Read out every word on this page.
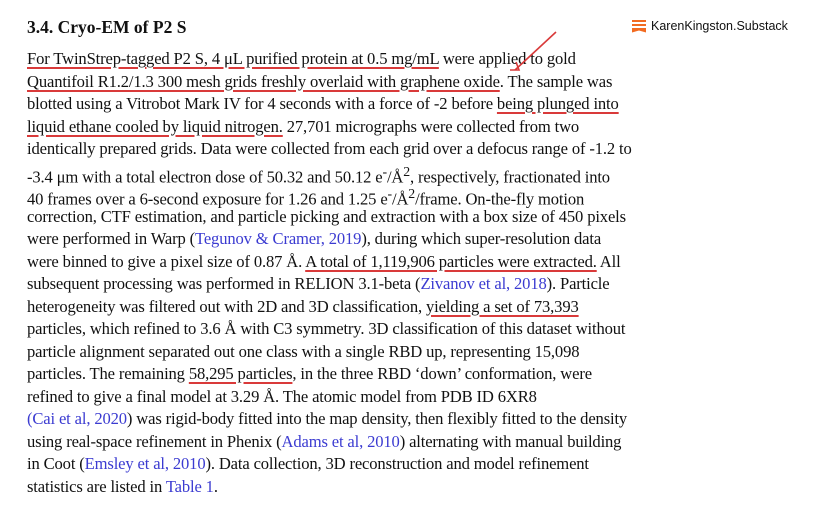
3.4. Cryo-EM of P2 S	KarenKingston.Substack
For TwinStrep-tagged P2 S, 4 μL purified protein at 0.5 mg/mL were applied to gold
Quantifoil R1.2/1.3 300 mesh grids freshly overlaid with graphene oxide. The sample was
blotted using a Vitrobot Mark IV for 4 seconds with a force of -2 before being plunged into
liquid ethane cooled by liquid nitrogen. 27,701 micrographs were collected from two
identically prepared grids. Data were collected from each grid over a defocus range of -1.2 to
-3.4 μm with a total electron dose of 50.32 and 50.12 $e^-/Å^2$, respectively, fractionated into
40 frames over a 6-second exposure for 1.26 and 1.25 $e^-/Å^2$/frame. On-the-fly motion
correction, CTF estimation, and particle picking and extraction with a box size of 450 pixels
were performed in Warp (Tegunov & Cramer, 2019), during which super-resolution data
were binned to give a pixel size of 0.87 Å. A total of 1,119,906 particles were extracted. All
subsequent processing was performed in RELION 3.1-beta (Zivanov et al, 2018). Particle
heterogeneity was filtered out with 2D and 3D classification, yielding a set of 73,393
particles, which refined to 3.6 Å with C3 symmetry. 3D classification of this dataset without
particle alignment separated out one class with a single RBD up, representing 15,098
particles. The remaining 58,295 particles, in the three RBD ‘down’ conformation, were
refined to give a final model at 3.29 Å. The atomic model from PDB ID 6XR8
(Cai et al, 2020) was rigid-body fitted into the map density, then flexibly fitted to the density
using real-space refinement in Phenix (Adams et al, 2010) alternating with manual building
in Coot (Emsley et al, 2010). Data collection, 3D reconstruction and model refinement
statistics are listed in Table 1.
